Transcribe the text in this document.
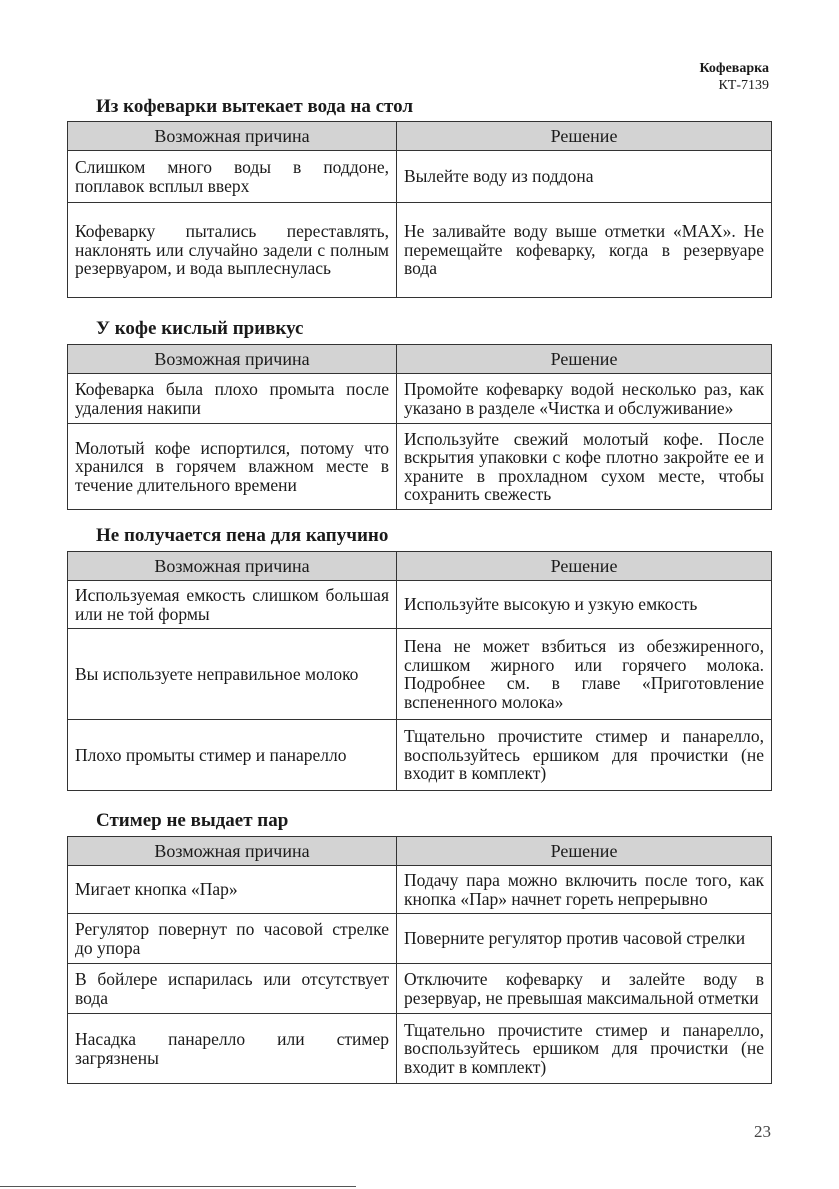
Кофеварка
КТ-7139
Из кофеварки вытекает вода на стол
Возможная причина	Решение
Слишком много воды в поддоне, поплавок всплыл вверх	Вылейте воду из поддона
Кофеварку пытались переставлять, наклонять или случайно задели с полным резервуаром, и вода выплеснулась	Не заливайте воду выше отметки «MAX». Не перемещайте кофеварку, когда в резервуаре вода
У кофе кислый привкус
Возможная причина	Решение
Кофеварка была плохо промыта после удаления накипи	Промойте кофеварку водой несколько раз, как указано в разделе «Чистка и обслуживание»
Молотый кофе испортился, потому что хранился в горячем влажном месте в течение длительного времени	Используйте свежий молотый кофе. После вскрытия упаковки с кофе плотно закройте ее и храните в прохладном сухом месте, чтобы сохранить свежесть
Не получается пена для капучино
Возможная причина	Решение
Используемая емкость слишком большая или не той формы	Используйте высокую и узкую емкость
Вы используете неправильное молоко	Пена не может взбиться из обезжиренного, слишком жирного или горячего молока. Подробнее см. в главе «Приготовление вспененного молока»
Плохо промыты стимер и панарелло	Тщательно прочистите стимер и панарелло, воспользуйтесь ершиком для прочистки (не входит в комплект)
Стимер не выдает пар
Возможная причина	Решение
Мигает кнопка «Пар»	Подачу пара можно включить после того, как кнопка «Пар» начнет гореть непрерывно
Регулятор повернут по часовой стрелке до упора	Поверните регулятор против часовой стрелки
В бойлере испарилась или отсутствует вода	Отключите кофеварку и залейте воду в резервуар, не превышая максимальной отметки
Насадка панарелло или стимер загрязнены	Тщательно прочистите стимер и панарелло, воспользуйтесь ершиком для прочистки (не входит в комплект)
23
